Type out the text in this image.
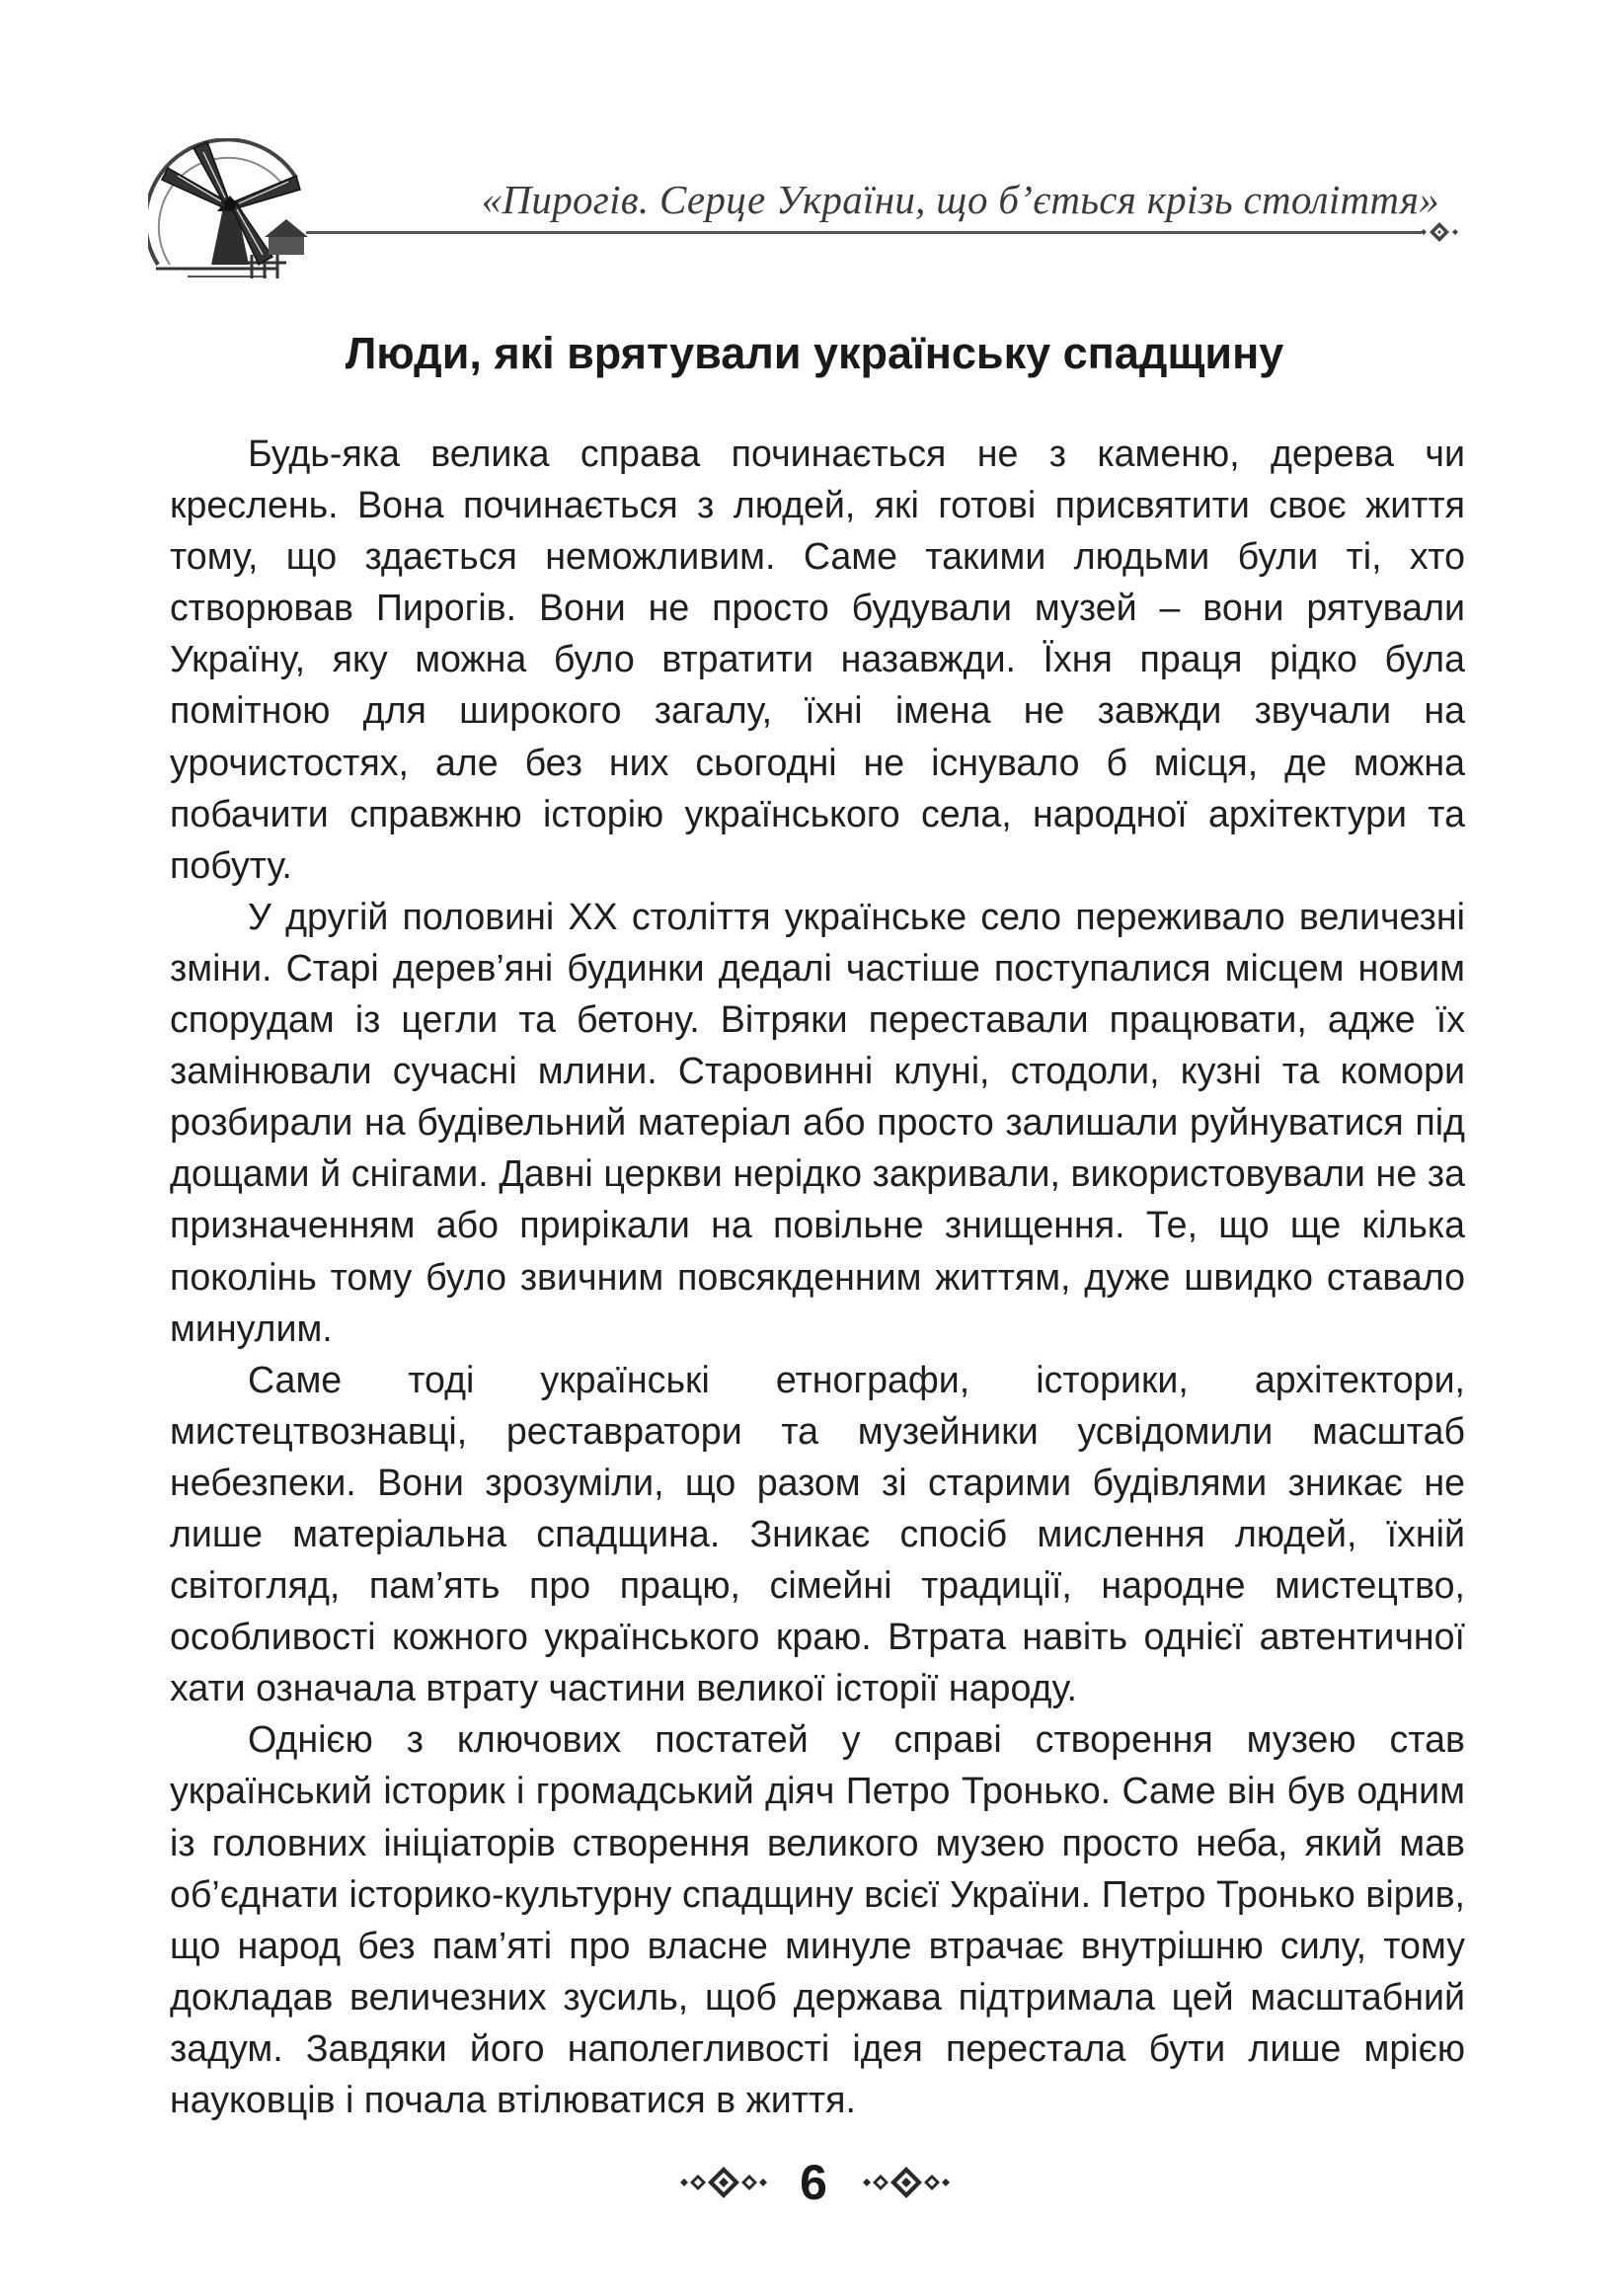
«Пирогів. Серце України, що б’ється крізь століття»
Люди, які врятували українську спадщину

Будь-яка велика справа починається не з каменю, дерева чи креслень. Вона починається з людей, які готові присвятити своє життя тому, що здається неможливим. Саме такими людьми були ті, хто створював Пирогів. Вони не просто будували музей – вони рятували Україну, яку можна було втратити назавжди. Їхня праця рідко була помітною для широкого загалу, їхні імена не завжди звучали на урочистостях, але без них сьогодні не існувало б місця, де можна побачити справжню історію українського села, народної архітектури та побуту.

У другій половині XX століття українське село переживало величезні зміни. Старі дерев’яні будинки дедалі частіше поступалися місцем новим спорудам із цегли та бетону. Вітряки переставали працювати, адже їх замінювали сучасні млини. Старовинні клуні, стодоли, кузні та комори розбирали на будівельний матеріал або просто залишали руйнуватися під дощами й снігами. Давні церкви нерідко закривали, використовували не за призначенням або прирікали на повільне знищення. Те, що ще кілька поколінь тому було звичним повсякденним життям, дуже швидко ставало минулим.

Саме тоді українські етнографи, історики, архітектори, мистецтвознавці, реставратори та музейники усвідомили масштаб небезпеки. Вони зрозуміли, що разом зі старими будівлями зникає не лише матеріальна спадщина. Зникає спосіб мислення людей, їхній світогляд, пам’ять про працю, сімейні традиції, народне мистецтво, особливості кожного українського краю. Втрата навіть однієї автентичної хати означала втрату частини великої історії народу.

Однією з ключових постатей у справі створення музею став український історик і громадський діяч Петро Тронько. Саме він був одним із головних ініціаторів створення великого музею просто неба, який мав об’єднати історико-культурну спадщину всієї України. Петро Тронько вірив, що народ без пам’яті про власне минуле втрачає внутрішню силу, тому докладав величезних зусиль, щоб держава підтримала цей масштабний задум. Завдяки його наполегливості ідея перестала бути лише мрією науковців і почала втілюватися в життя.

6
